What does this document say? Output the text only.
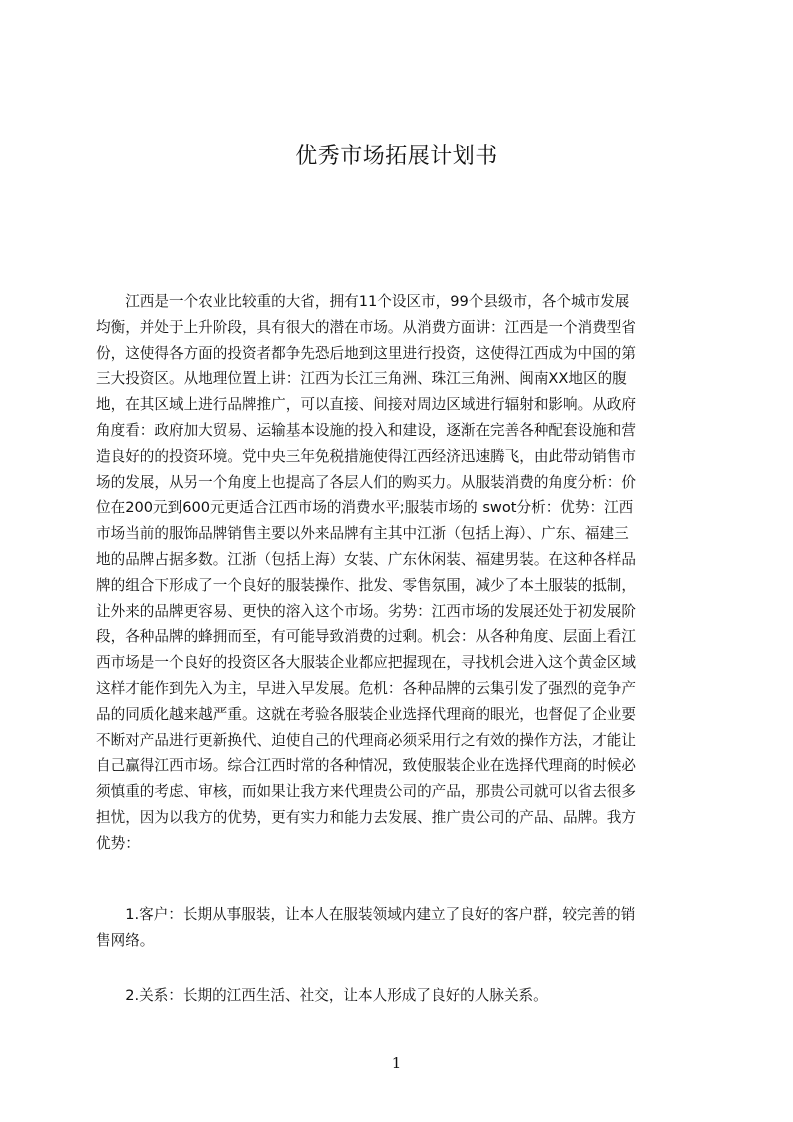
优秀市场拓展计划书
　　江西是一个农业比较重的大省，拥有11个设区市，99个县级市，各个城市发展
均衡，并处于上升阶段，具有很大的潜在市场。从消费方面讲：江西是一个消费型省
份，这使得各方面的投资者都争先恐后地到这里进行投资，这使得江西成为中国的第
三大投资区。从地理位置上讲：江西为长江三角洲、珠江三角洲、闽南XX地区的腹
地，在其区域上进行品牌推广，可以直接、间接对周边区域进行辐射和影响。从政府
角度看：政府加大贸易、运输基本设施的投入和建设，逐渐在完善各种配套设施和营
造良好的的投资环境。党中央三年免税措施使得江西经济迅速腾飞，由此带动销售市
场的发展，从另一个角度上也提高了各层人们的购买力。从服装消费的角度分析：价
位在200元到600元更适合江西市场的消费水平;服装市场的 swot分析：优势：江西
市场当前的服饰品牌销售主要以外来品牌有主其中江浙（包括上海）、广东、福建三
地的品牌占据多数。江浙（包括上海）女装、广东休闲装、福建男装。在这种各样品
牌的组合下形成了一个良好的服装操作、批发、零售氛围，减少了本土服装的抵制，
让外来的品牌更容易、更快的溶入这个市场。劣势：江西市场的发展还处于初发展阶
段，各种品牌的蜂拥而至，有可能导致消费的过剩。机会：从各种角度、层面上看江
西市场是一个良好的投资区各大服装企业都应把握现在，寻找机会进入这个黄金区域
这样才能作到先入为主，早进入早发展。危机：各种品牌的云集引发了强烈的竞争产
品的同质化越来越严重。这就在考验各服装企业选择代理商的眼光，也督促了企业要
不断对产品进行更新换代、迫使自己的代理商必须采用行之有效的操作方法，才能让
自己赢得江西市场。综合江西时常的各种情况，致使服装企业在选择代理商的时候必
须慎重的考虑、审核，而如果让我方来代理贵公司的产品，那贵公司就可以省去很多
担忧，因为以我方的优势，更有实力和能力去发展、推广贵公司的产品、品牌。我方
优势：
　　1.客户：长期从事服装，让本人在服装领域内建立了良好的客户群，较完善的销
售网络。
　　2.关系：长期的江西生活、社交，让本人形成了良好的人脉关系。
1
